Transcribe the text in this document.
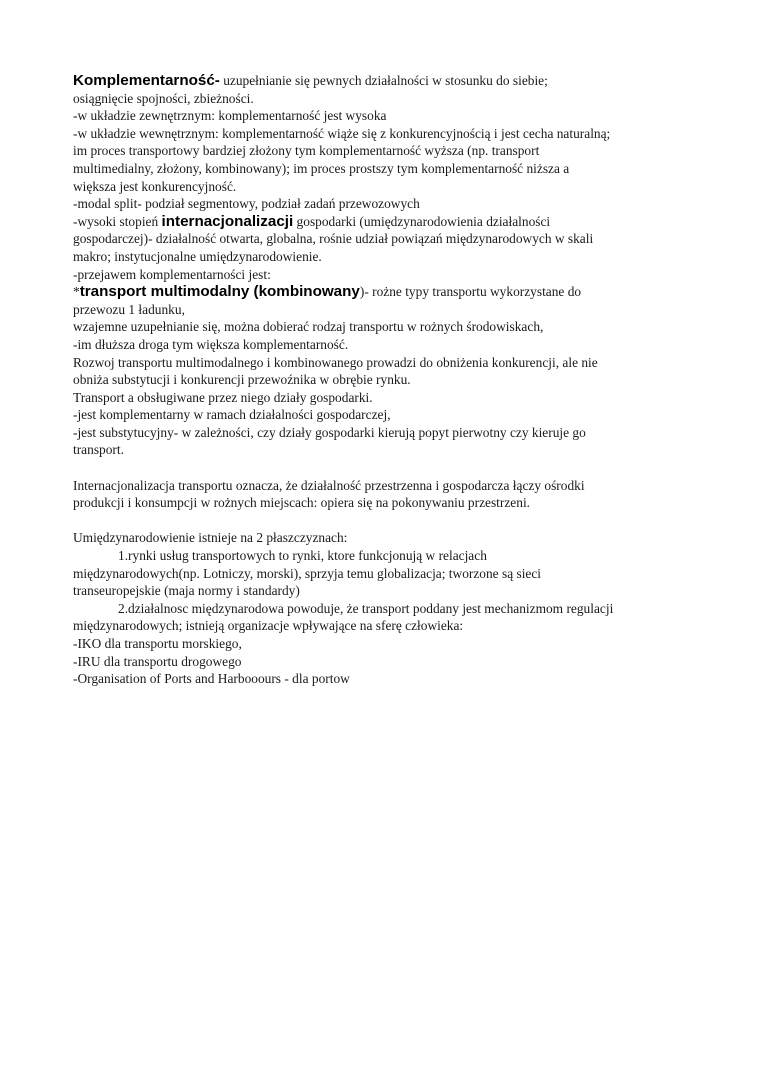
Komplementarność- uzupełnianie się pewnych działalności w stosunku do siebie;
osiągnięcie spojności, zbieżności.
-w układzie zewnętrznym: komplementarność jest wysoka
-w układzie wewnętrznym: komplementarność wiąże się z konkurencyjnością i jest cecha naturalną;
im proces transportowy bardziej złożony tym komplementarność wyższa (np. transport
multimedialny, złożony, kombinowany); im proces prostszy tym komplementarność niższa a
większa jest konkurencyjność.
-modal split- podział segmentowy, podział zadań przewozowych
-wysoki stopień internacjonalizacji gospodarki (umiędzynarodowienia działalności
gospodarczej)- działalność otwarta, globalna, rośnie udział powiązań międzynarodowych w skali
makro; instytucjonalne umiędzynarodowienie.
-przejawem komplementarności jest:
*transport multimodalny (kombinowany)- rożne typy transportu wykorzystane do
przewozu 1 ładunku,
wzajemne uzupełnianie się, można dobierać rodzaj transportu w rożnych środowiskach,
-im dłuższa droga tym większa komplementarność.
Rozwoj transportu multimodalnego i kombinowanego prowadzi do obniżenia konkurencji, ale nie
obniża substytucji i konkurencji przewoźnika w obrębie rynku.
Transport a obsługiwane przez niego działy gospodarki.
-jest komplementarny w ramach działalności gospodarczej,
-jest substytucyjny- w zależności, czy działy gospodarki kierują popyt pierwotny czy kieruje go
transport.
Internacjonalizacja transportu oznacza, że działalność przestrzenna i gospodarcza łączy ośrodki
produkcji i konsumpcji w rożnych miejscach: opiera się na pokonywaniu przestrzeni.
Umiędzynarodowienie istnieje na 2 płaszczyznach:
1.rynki usług transportowych to rynki, ktore funkcjonują w relacjach
międzynarodowych(np. Lotniczy, morski), sprzyja temu globalizacja; tworzone są sieci
transeuropejskie (maja normy i standardy)
2.działalnosc międzynarodowa powoduje, że transport poddany jest mechanizmom regulacji
międzynarodowych; istnieją organizacje wpływające na sferę człowieka:
-IKO dla transportu morskiego,
-IRU dla transportu drogowego
-Organisation of Ports and Harbooours - dla portow
